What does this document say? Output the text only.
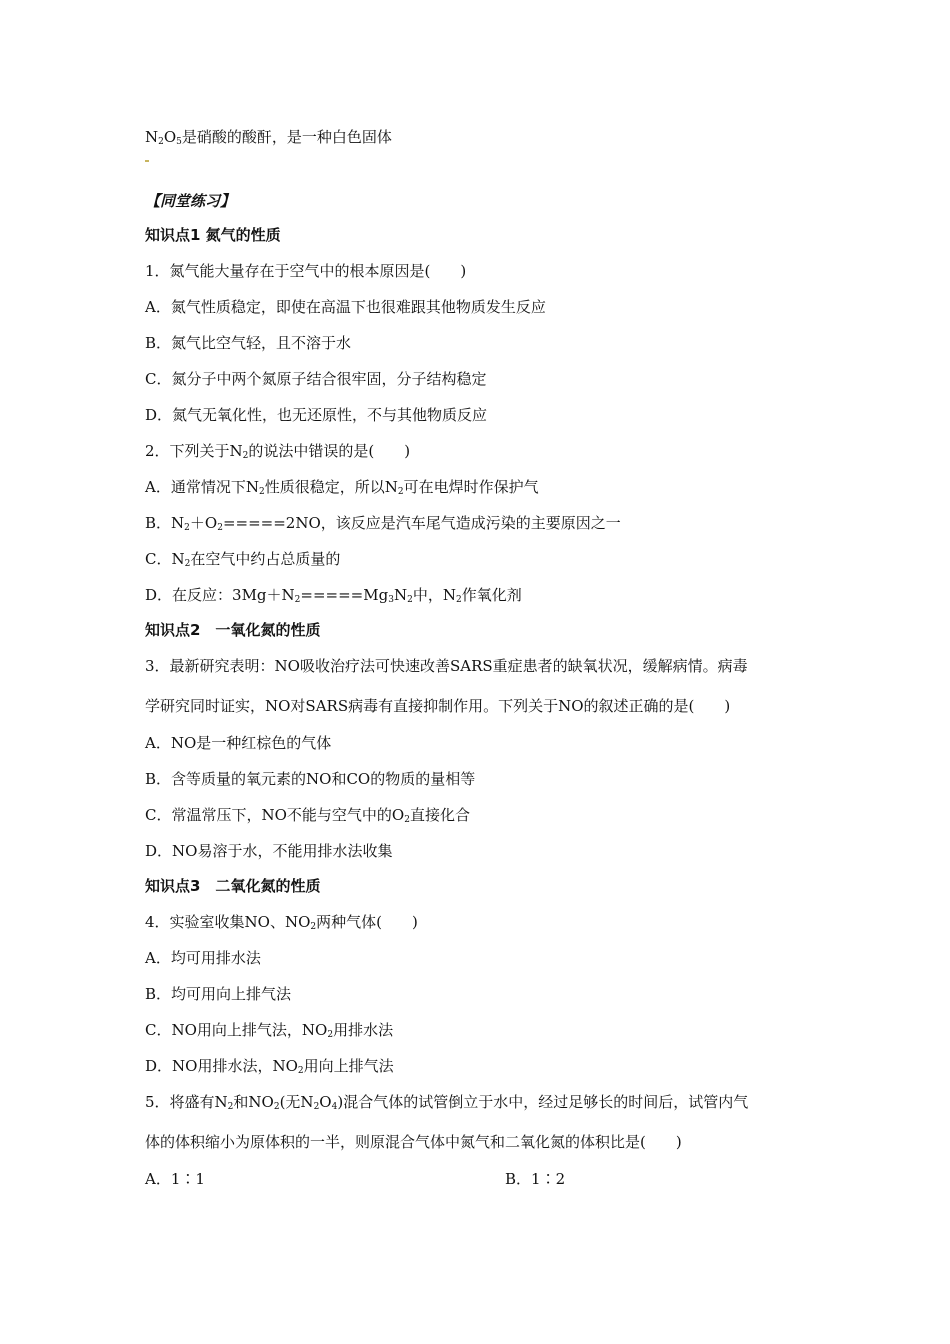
$N_2O_5$是硝酸的酸酐，是一种白色固体
【同堂练习】
知识点1 氮气的性质
1．氮气能大量存在于空气中的根本原因是(　　)
A．氮气性质稳定，即使在高温下也很难跟其他物质发生反应
B．氮气比空气轻，且不溶于水
C．氮分子中两个氮原子结合很牢固，分子结构稳定
D．氮气无氧化性，也无还原性，不与其他物质反应
2．下列关于$N_2$的说法中错误的是(　　)
A．通常情况下$N_2$性质很稳定，所以$N_2$可在电焊时作保护气
B．$N_2+O_2=====2NO$，该反应是汽车尾气造成污染的主要原因之一
C．$N_2$在空气中约占总质量的
D．在反应：$3Mg+N_2=====Mg_3N_2$中，$N_2$作氧化剂
知识点2　一氧化氮的性质
3．最新研究表明：NO吸收治疗法可快速改善SARS重症患者的缺氧状况，缓解病情。病毒
学研究同时证实，NO对SARS病毒有直接抑制作用。下列关于NO的叙述正确的是(　　)
A．NO是一种红棕色的气体
B．含等质量的氧元素的NO和CO的物质的量相等
C．常温常压下，NO不能与空气中的$O_2$直接化合
D．NO易溶于水，不能用排水法收集
知识点3　二氧化氮的性质
4．实验室收集NO、$NO_2$两种气体(　　)
A．均可用排水法
B．均可用向上排气法
C．NO用向上排气法，$NO_2$用排水法
D．NO用排水法，$NO_2$用向上排气法
5．将盛有$N_2$和$NO_2$(无$N_2O_4$)混合气体的试管倒立于水中，经过足够长的时间后，试管内气
体的体积缩小为原体积的一半，则原混合气体中氮气和二氧化氮的体积比是(　　)
A．1∶1	B．1∶2
